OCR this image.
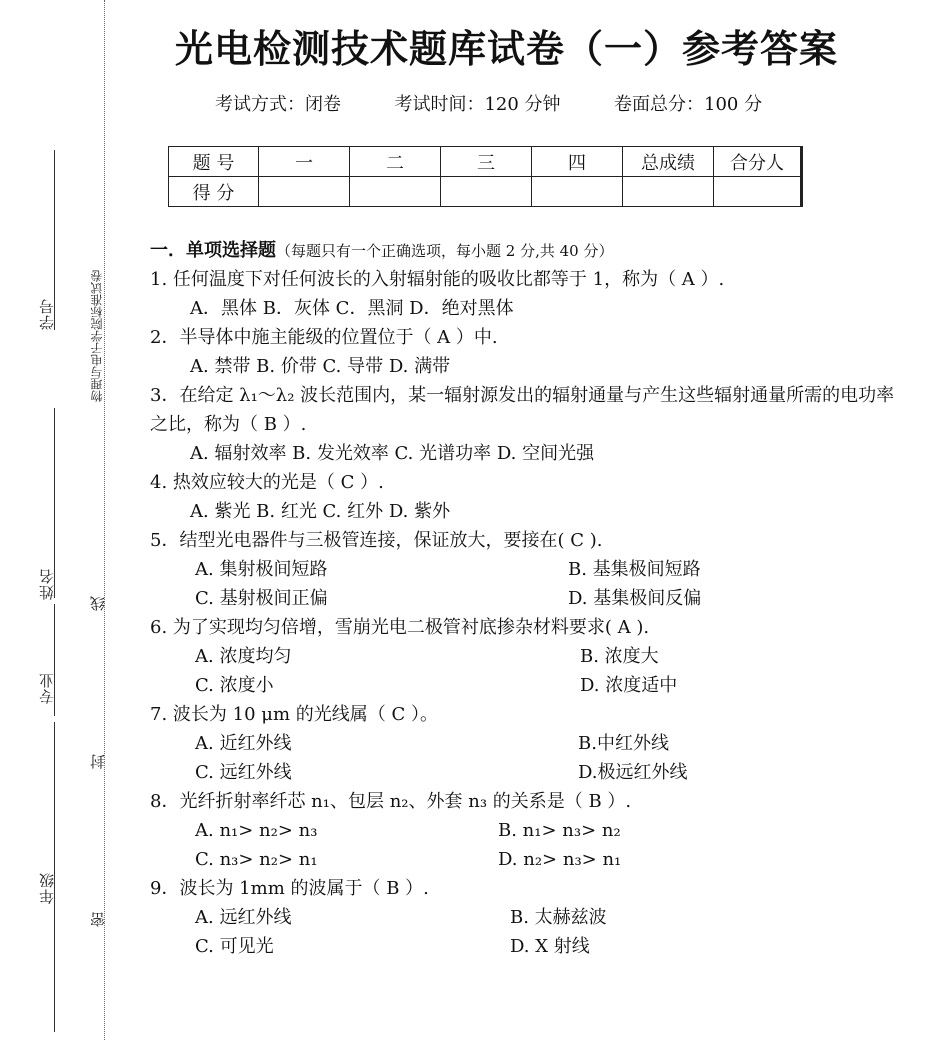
学号
姓名
专业
年级
物理与电子学院标准试卷
线
封
密
光电检测技术题库试卷（一）参考答案
考试方式：闭卷	考试时间：120 分钟	卷面总分：100 分
题 号	一	二	三	四	总成绩	合分人
得 分						
一．单项选择题（每题只有一个正确选项，每小题 2 分,共 40 分）
1. 任何温度下对任何波长的入射辐射能的吸收比都等于 1，称为（ A ）.
A．黑体 B．灰体 C．黑洞 D．绝对黑体
2．半导体中施主能级的位置位于（ A ）中.
A. 禁带 B. 价带 C. 导带 D. 满带
3．在给定 λ₁～λ₂ 波长范围内，某一辐射源发出的辐射通量与产生这些辐射通量所需的电功率之比，称为（ B ）.
A. 辐射效率 B. 发光效率 C. 光谱功率 D. 空间光强
4. 热效应较大的光是（ C ）.
A. 紫光 B. 红光 C. 红外 D. 紫外
5．结型光电器件与三极管连接，保证放大，要接在( C ).
A. 集射极间短路	B. 基集极间短路
C. 基射极间正偏	D. 基集极间反偏
6. 为了实现均匀倍增，雪崩光电二极管衬底掺杂材料要求( A ).
A. 浓度均匀	B. 浓度大
C. 浓度小	D. 浓度适中
7. 波长为 10 μm 的光线属（ C ）。
A. 近红外线	B.中红外线
C. 远红外线	D.极远红外线
8．光纤折射率纤芯 n₁、包层 n₂、外套 n₃ 的关系是（ B ）.
A. n₁> n₂> n₃	B. n₁> n₃> n₂
C. n₃> n₂> n₁	D. n₂> n₃> n₁
9．波长为 1mm 的波属于（ B ）.
A. 远红外线	B. 太赫兹波
C. 可见光	D. X 射线
